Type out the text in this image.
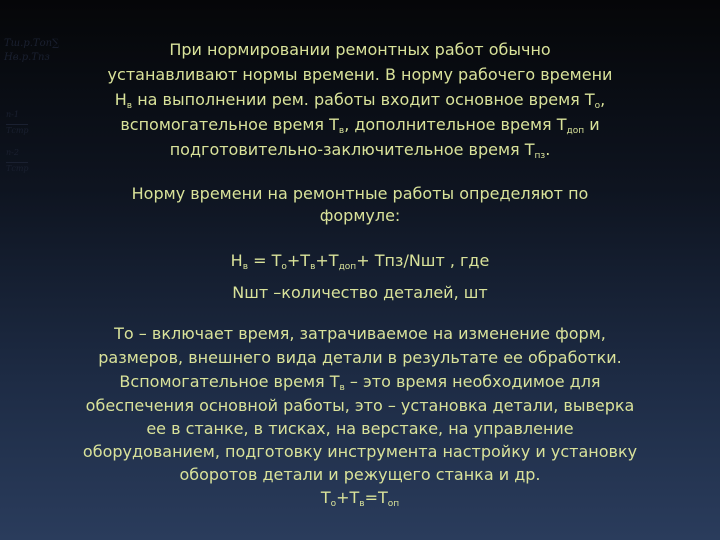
Тш.р.Топ∑
Нв.р.Тпз
n-1
Тстр
n-2
Тстр

При нормировании ремонтных работ обычно

устанавливают нормы времени. В норму рабочего времени

$Н_в$ на выполнении рем. работы входит основное время $Т_о$,

вспомогательное время $Т_в$, дополнительное время $Т_{доп}$ и

подготовительно-заключительное время $Т_{пз}$.

Норму времени на ремонтные работы определяют по

формуле:

$Н_в = Т_о+Т_в+Т_{доп}+ Тпз/Nшт$ , где

Nшт –количество деталей, шт

То – включает время, затрачиваемое на изменение форм,

размеров, внешнего вида детали в результате ее обработки.

Вспомогательное время $Т_в$ – это время необходимое для

обеспечения основной работы, это – установка детали, выверка

ее в станке, в тисках, на верстаке, на управление

оборудованием, подготовку инструмента настройку и установку

оборотов детали и режущего станка и др.

$Т_о+Т_в=Т_{оп}$
